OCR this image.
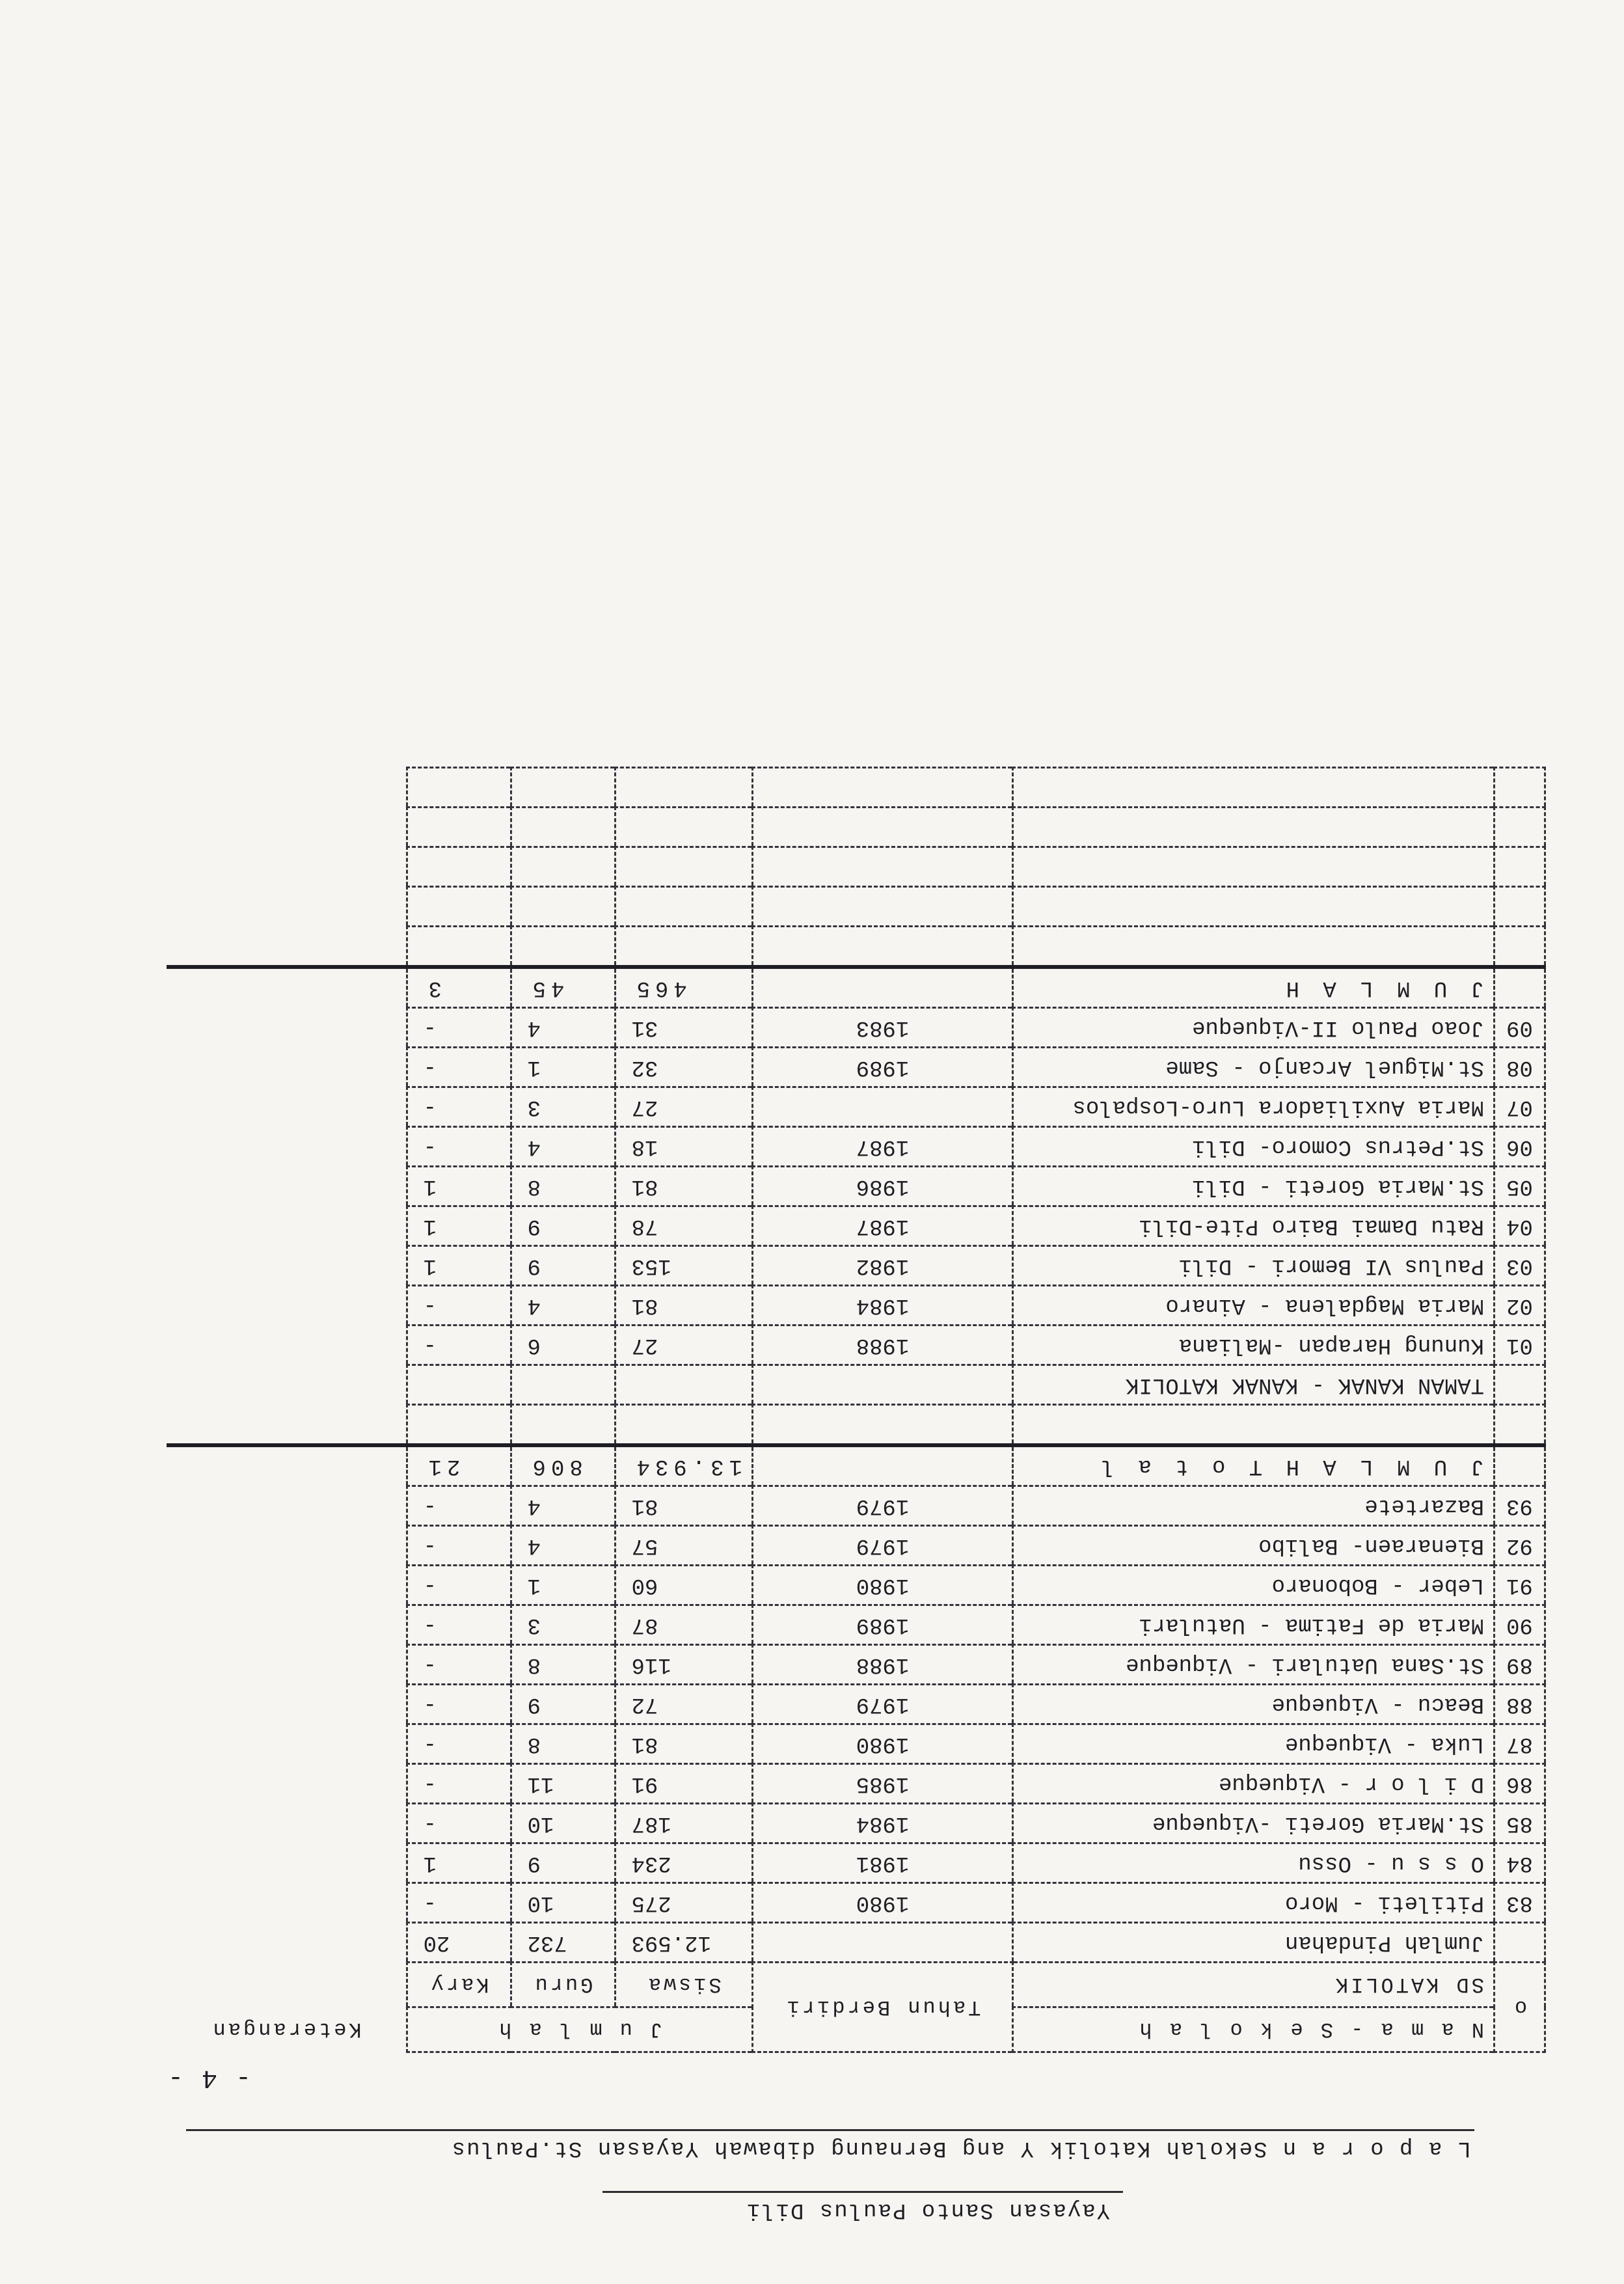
Yayasan Santo Paulus Dili
L a p o r a n Sekolah Katolik Y ang Bernaung dibawah Yayasan St.Paulus
- 4 -
o	N a m a - S e k o l a h	Tahun Berdiri	J u m l a h			Keterangan
	SD KATOLIK		Siswa	Guru	Kary	
	Jumlah Pindahan		12.593	732	20	
83	Pitileti - Moro	1980	275	10	-	
84	O s s u - Ossu	1981	234	9	1	
85	St.Maria Goreti -Viqueque	1984	187	10	-	
86	D i l o r - Viqueque	1985	91	11	-	
87	Luka - Viqueque	1980	81	8	-	
88	Beacu - Viqueque	1979	72	9	-	
89	St.Sana Uatulari - Viqueque	1988	116	8	-	
90	Maria de Fatima - Uatulari	1989	87	3	-	
91	Leber - Bobonaro	1980	60	1	-	
92	Bienaraen- Balibo	1979	57	4	-	
93	Bazartete	1979	81	4	-	
	J U M L A H T o t a l		13.934	806	21	

	TAMAN KANAK - KANAK KATOLIK					
01	Kunung Harapan -Maliana	1988	27	6	-	
02	Maria Magdalena - Ainaro	1984	81	4	-	
03	Paulus VI Bemori - Dili	1982	153	9	1	
04	Ratu Damai Bairo Pite-Dili	1987	78	9	1	
05	St.Maria Goreti - Dili	1986	81	8	1	
06	St.Petrus Comoro- Dili	1987	18	4	-	
07	Maria Auxiliadora Luro-Lospalos		27	3	-	
08	St.Miguel Arcanjo - Same	1989	32	1	-	
09	Joao Paulo II-Viqueque	1983	31	4	-	
	J U M L A H		465	45	3	
